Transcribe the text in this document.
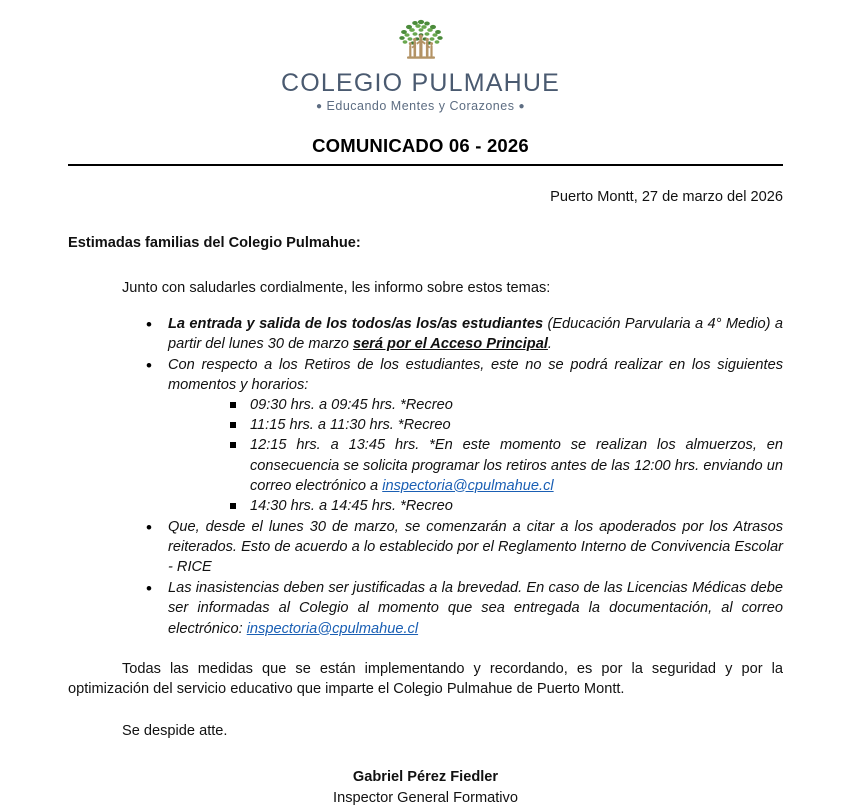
COLEGIO PULMAHUE
● Educando Mentes y Corazones ●
COMUNICADO 06 - 2026
Puerto Montt, 27 de marzo del 2026
Estimadas familias del Colegio Pulmahue:
Junto con saludarles cordialmente, les informo sobre estos temas:
• La entrada y salida de los todos/as los/as estudiantes (Educación Parvularia a 4° Medio) a partir del lunes 30 de marzo será por el Acceso Principal.
• Con respecto a los Retiros de los estudiantes, este no se podrá realizar en los siguientes momentos y horarios:
09:30 hrs. a 09:45 hrs. *Recreo
11:15 hrs. a 11:30 hrs. *Recreo
12:15 hrs. a 13:45 hrs. *En este momento se realizan los almuerzos, en consecuencia se solicita programar los retiros antes de las 12:00 hrs. enviando un correo electrónico a inspectoria@cpulmahue.cl
14:30 hrs. a 14:45 hrs. *Recreo
• Que, desde el lunes 30 de marzo, se comenzarán a citar a los apoderados por los Atrasos reiterados. Esto de acuerdo a lo establecido por el Reglamento Interno de Convivencia Escolar - RICE
• Las inasistencias deben ser justificadas a la brevedad. En caso de las Licencias Médicas debe ser informadas al Colegio al momento que sea entregada la documentación, al correo electrónico: inspectoria@cpulmahue.cl
Todas las medidas que se están implementando y recordando, es por la seguridad y por la optimización del servicio educativo que imparte el Colegio Pulmahue de Puerto Montt.
Se despide atte.
Gabriel Pérez Fiedler
Inspector General Formativo
